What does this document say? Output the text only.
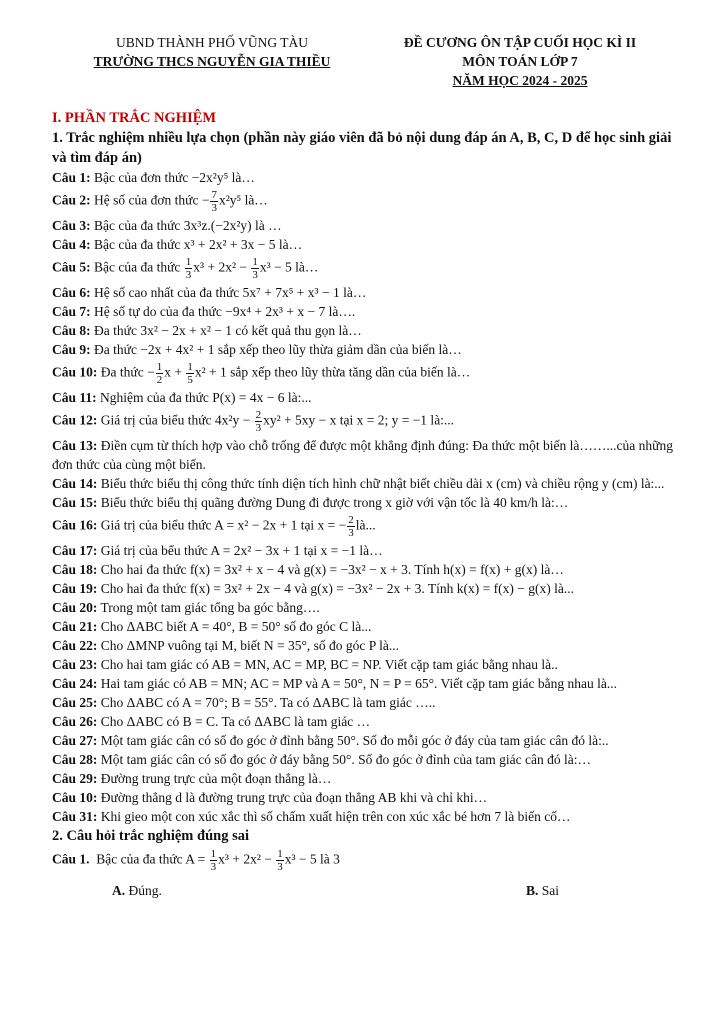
UBND THÀNH PHỐ VŨNG TÀU
TRƯỜNG THCS NGUYỄN GIA THIỀU
ĐỀ CƯƠNG ÔN TẬP CUỐI HỌC KÌ II
MÔN TOÁN LỚP 7
NĂM HỌC 2024 - 2025
I. PHẦN TRẮC NGHIỆM
1. Trắc nghiệm nhiều lựa chọn (phần này giáo viên đã bỏ nội dung đáp án A, B, C, D để học sinh giải và tìm đáp án)
Câu 1: Bậc của đơn thức −2x²y⁵ là…
Câu 2: Hệ số của đơn thức − $\frac{7}{3} x^2y^5$ là…
Câu 3: Bậc của đa thức 3x³z.(−2x²y) là …
Câu 4: Bậc của đa thức x³ + 2x² + 3x − 5 là…
Câu 5: Bậc của đa thức $\frac{1}{3} x^3 + 2x^2 - \frac{1}{3} x^3 - 5$ là…
Câu 6: Hệ số cao nhất của đa thức 5x⁷ + 7x⁵ + x³ − 1 là…
Câu 7: Hệ số tự do của đa thức −9x⁴ + 2x³ + x − 7 là….
Câu 8: Đa thức 3x² − 2x + x² − 1 có kết quả thu gọn là…
Câu 9: Đa thức −2x + 4x² + 1 sắp xếp theo lũy thừa giảm dần của biến là…
Câu 10: Đa thức − $\frac{1}{2}$ $x + \frac{1}{5} x^2 + 1$ sắp xếp theo lũy thừa tăng dần của biến là…
Câu 11: Nghiệm của đa thức P(x) = 4x − 6 là:...
Câu 12: Giá trị của biểu thức $4x^2y - \frac{2}{3} xy^2 + 5xy - x$ tại x = 2; y = −1 là:...
Câu 13: Điền cụm từ thích hợp vào chỗ trống để được một khẳng định đúng: Đa thức một biến là……...của những đơn thức của cùng một biến.
Câu 14: Biểu thức biểu thị công thức tính diện tích hình chữ nhật biết chiều dài x (cm) và chiều rộng y (cm) là:...
Câu 15: Biểu thức biểu thị quãng đường Dung đi được trong x giờ với vận tốc là 40 km/h là:…
Câu 16: Giá trị của biểu thức A = x² − 2x + 1 tại x = − $\frac{2}{3}$ là...
Câu 17: Giá trị của bểu thức A = 2x² − 3x + 1 tại x = −1 là…
Câu 18: Cho hai đa thức f(x) = 3x² + x − 4 và g(x) = −3x² − x + 3. Tính h(x) = f(x) + g(x) là…
Câu 19: Cho hai đa thức f(x) = 3x² + 2x − 4 và g(x) = −3x² − 2x + 3. Tính k(x) = f(x) − g(x) là...
Câu 20: Trong một tam giác tổng ba góc bằng….
Câu 21: Cho ΔABC biết A = 40°, B = 50° số đo góc C là...
Câu 22: Cho ΔMNP vuông tại M, biết N = 35°, số đo góc P là...
Câu 23: Cho hai tam giác có AB = MN, AC = MP, BC = NP. Viết cặp tam giác bằng nhau là..
Câu 24: Hai tam giác có AB = MN; AC = MP và A = 50°, N = P = 65°. Viết cặp tam giác bằng nhau là...
Câu 25: Cho ΔABC có A = 70°; B = 55°. Ta có ΔABC là tam giác …..
Câu 26: Cho ΔABC có B = C. Ta có ΔABC là tam giác …
Câu 27: Một tam giác cân có số đo góc ở đỉnh bằng 50°. Số đo mỗi góc ở đáy của tam giác cân đó là:..
Câu 28: Một tam giác cân có số đo góc ở đáy bằng 50°. Số đo góc ở đỉnh của tam giác cân đó là:…
Câu 29: Đường trung trực của một đoạn thẳng là…
Câu 10: Đường thẳng d là đường trung trực của đoạn thẳng AB khi và chỉ khi…
Câu 31: Khi gieo một con xúc xắc thì số chấm xuất hiện trên con xúc xắc bé hơn 7 là biến cố…
2. Câu hỏi trắc nghiệm đúng sai
Câu 1. Bậc của đa thức $A = \frac{1}{3} x^3 + 2x^2 - \frac{1}{3} x^3 - 5$ là 3
A. Đúng.	B. Sai
